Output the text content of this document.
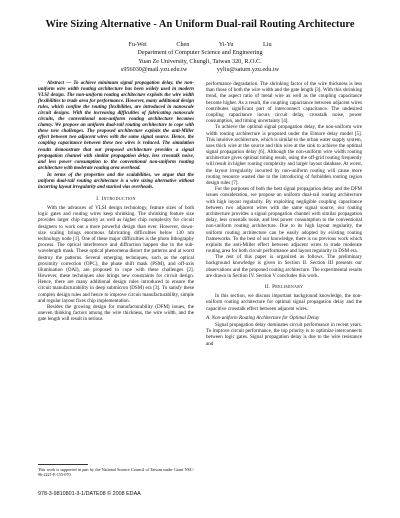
Wire Sizing Alternative - An Uniform Dual-rail Routing Architecture
Fu-Wei Chen Yi-Yu Liu
Department of Computer Science and Engineering
Yuan Ze University, Chungli, Taiwan 320, R.O.C.
s956030@mail.yzu.edu.tw yyliu@saturn.yzu.edu.tw

Abstract — To achieve minimum signal propagation delay, the non-uniform wire width routing architecture has been widely used in modern VLSI design. The non-uniform routing architecture exploits the wire width flexibilities to trade area for performance. However, many additional design rules, which confine the routing flexibilities, are introduced in nanoscale circuit designs. With the increasing difficulties of fabricating nanoscale circuits, the conventional non-uniform routing architecture becomes clumsy. We propose an uniform dual-rail routing architecture to cope with these new challenges. The proposed architecture exploits the anti-Miller effect between two adjacent wires with the same signal source. Hence, the coupling capacitance between these two wires is reduced. The simulation results demonstrate that our proposed architecture provides a signal propagation channel with similar propagation delay, less crosstalk noise, and less power consumption to the conventional non-uniform routing architecture with moderate routing area overhead.

In terms of the properties and the scalabilities, we argue that the uniform dual-rail routing architecture is a wire sizing alternative without incurring layout irregularity and stacked vias overheads.

I. Introduction

With the advances of VLSI design technology, feature sizes of both logic gates and routing wires keep shrinking. The shrinking feature size provides larger chip capacity as well as higher chip complexity for circuit designers to work out a more powerful design than ever. However, down-size scaling brings enormous fabricating difficulties below 130 nm technology node [1]. One of these major difficulties is the photo lithography process. The optical interference and diffraction happen due to the sub-wavelength mask. These optical phenomena distort the patterns and at worst destroy the patterns. Several emerging techniques, such as the optical proximity correction (OPC), the phase shift mask (PSM), and off-axis illumination (OAI), are proposed to cope with these challenges [2]. However, these techniques also brings new constraints for circuit design. Hence, there are many additional design rules introduced to ensure the circuit manufacturability in deep submicron (DSM) era [3]. To satisfy these complex design rules and hence to improve circuit manufacturability, simple and regular layout fixes chip implementation.

Besides the growing design for manufacturability (DFM) issues, the uneven thinking factors among the wire thickness, the wire width, and the gate length will result in serious

This work is supported in part by the National Science Council of Taiwan under Grant NSC-96-2221-E-155-070.

performance degradation. The shrinking factor of the wire thickness is less than those of both the wire width and the gate length [3]. With this shrinking trend, the aspect ratio of metal wire as well as the coupling capacitance become higher. As a result, the coupling capacitance between adjacent wires contributes significant part of interconnect capacitance. The undesired coupling capacitance incurs circuit delay, crosstalk noise, power consumption, and timing uncertainty [4].

To achieve the optimal signal propagation delay, the non-uniform wire width routing architecture is proposed under the Elmore delay model [5]. This intuitive architecture, which is similar to the urban water supply system, uses thick wire at the source and thin wire at the sink to achieve the optimal signal propagation delay [6]. Although the non-uniform wire width routing architecture gives optimal timing result, using the off-grid routing frequently will result in higher routing complexity and larger layout database. At worst, the layout irregularity incurred by non-uniform routing will cause more routing resource wasted due to the introducing of forbidden routing region design rules [7].

For the purposes of both the best signal propagation delay and the DFM issues consideration, we propose an uniform dual-rail routing architecture with high layout regularity. By exploiting negligible coupling capacitance between two adjacent wires with the same signal source, our routing architecture provides a signal propagation channel with similar propagation delay, less crosstalk noise, and less power consumption to the conventional non-uniform routing architecture. Due to its high layout regularity, the uniform routing architecture can be easily adopted by existing routing frameworks. To the best of our knowledge, there is no previous work which exploits the anti-Miller effect between adjacent wires to trade moderate routing area for both circuit performance and layout regularity in DSM era.

The rest of this paper is organized as follows. The preliminary background knowledge is given in Section II. Section III presents our observations and the proposed routing architecture. The experimental results are drawn in Section IV. Section V concludes this work.

II. Preliminary

In this section, we discuss important background knowledge, the non-uniform routing architecture for optimal signal propagation delay and the capacitive crosstalk effect between adjacent wires.

A. Non-uniform Routing Architecture for Optimal Delay

Signal propagation delay dominates circuit performance in recent years. To improve circuit performance, the top priority is to optimize interconnects between logic gates. Signal propagation delay is due to the wire resistance and

978-3-9810801-3-1/DATE08 © 2008 EDAA
